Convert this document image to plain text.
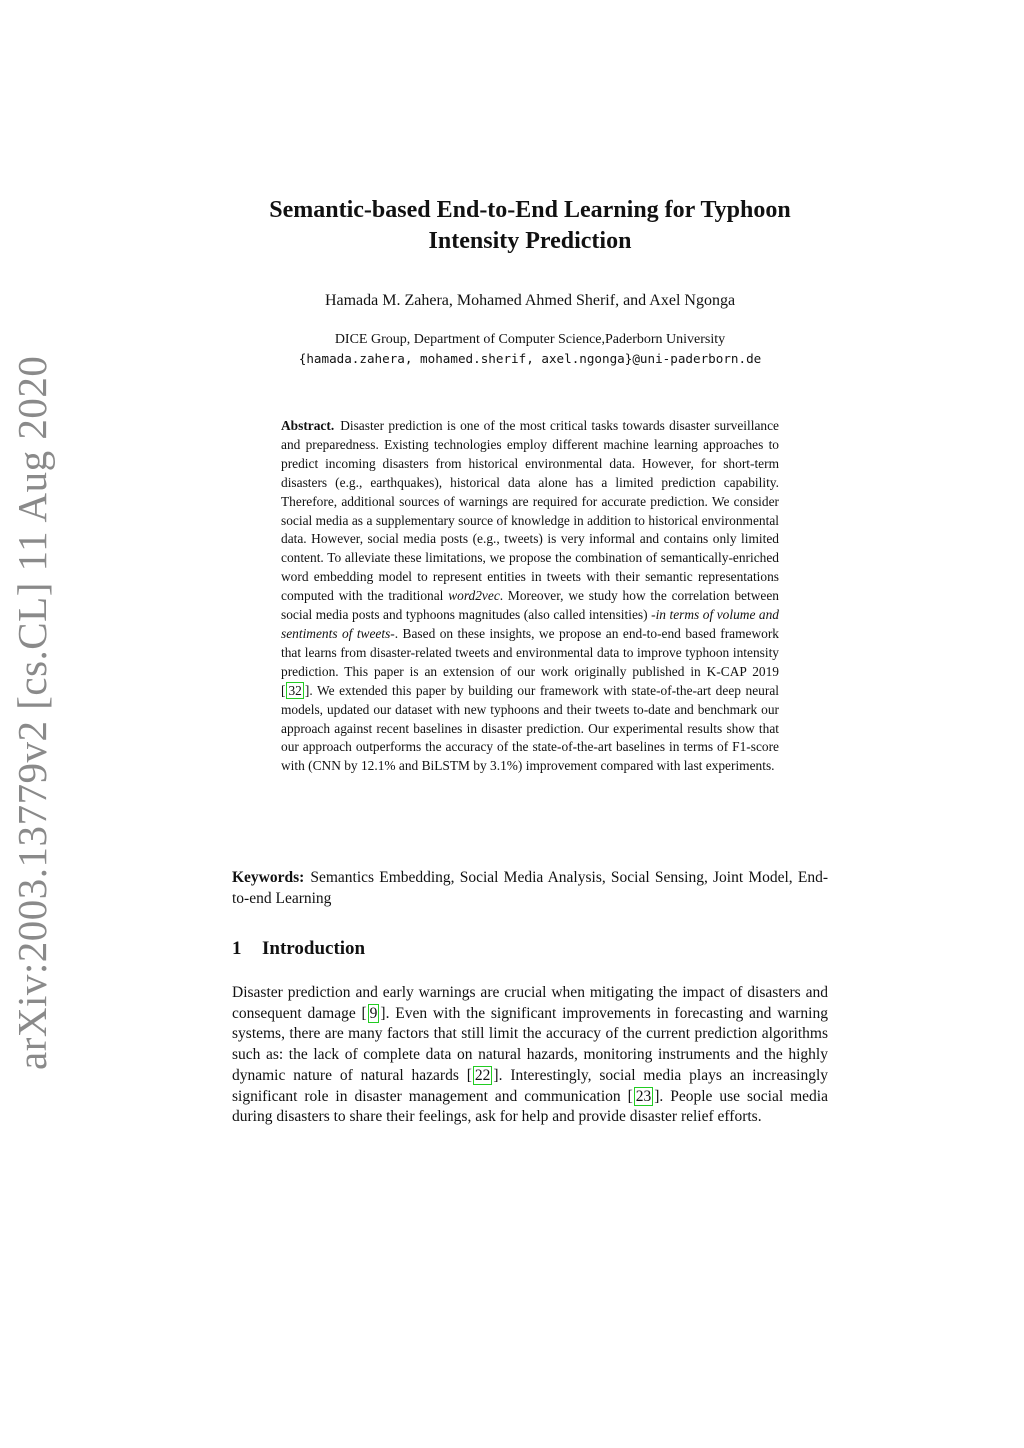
arXiv:2003.13779v2 [cs.CL] 11 Aug 2020
Semantic-based End-to-End Learning for Typhoon
Intensity Prediction
Hamada M. Zahera, Mohamed Ahmed Sherif, and Axel Ngonga
DICE Group, Department of Computer Science,Paderborn University
{hamada.zahera, mohamed.sherif, axel.ngonga}@uni-paderborn.de
Abstract. Disaster prediction is one of the most critical tasks towards disaster surveillance and preparedness. Existing technologies employ different machine learning approaches to predict incoming disasters from historical environmental data. However, for short-term disasters (e.g., earthquakes), historical data alone has a limited prediction capability. Therefore, additional sources of warnings are required for accurate prediction. We consider social media as a supplementary source of knowledge in addition to historical environmental data. However, social media posts (e.g., tweets) is very informal and contains only limited content. To alleviate these limitations, we propose the combination of semantically-enriched word embedding model to represent entities in tweets with their semantic representations computed with the traditional word2vec. Moreover, we study how the correlation between social media posts and typhoons magnitudes (also called intensities) -in terms of volume and sentiments of tweets-. Based on these insights, we propose an end-to-end based framework that learns from disaster-related tweets and environmental data to improve typhoon intensity prediction. This paper is an extension of our work originally published in K-CAP 2019 [ 32 ]. We extended this paper by building our framework with state-of-the-art deep neural models, updated our dataset with new typhoons and their tweets to-date and benchmark our approach against recent baselines in disaster prediction. Our experimental results show that our approach outperforms the accuracy of the state-of-the-art baselines in terms of F1-score with (CNN by 12.1% and BiLSTM by 3.1%) improvement compared with last experiments.
Keywords: Semantics Embedding, Social Media Analysis, Social Sensing, Joint Model, End-to-end Learning
1 Introduction
Disaster prediction and early warnings are crucial when mitigating the impact of disasters and consequent damage [ 9 ]. Even with the significant improvements in forecasting and warning systems, there are many factors that still limit the accuracy of the current prediction algorithms such as: the lack of complete data on natural hazards, monitoring instruments and the highly dynamic nature of natural hazards [ 22 ]. Interestingly, social media plays an increasingly significant role in disaster management and communication [ 23 ]. People use social media during disasters to share their feelings, ask for help and provide disaster relief efforts.
